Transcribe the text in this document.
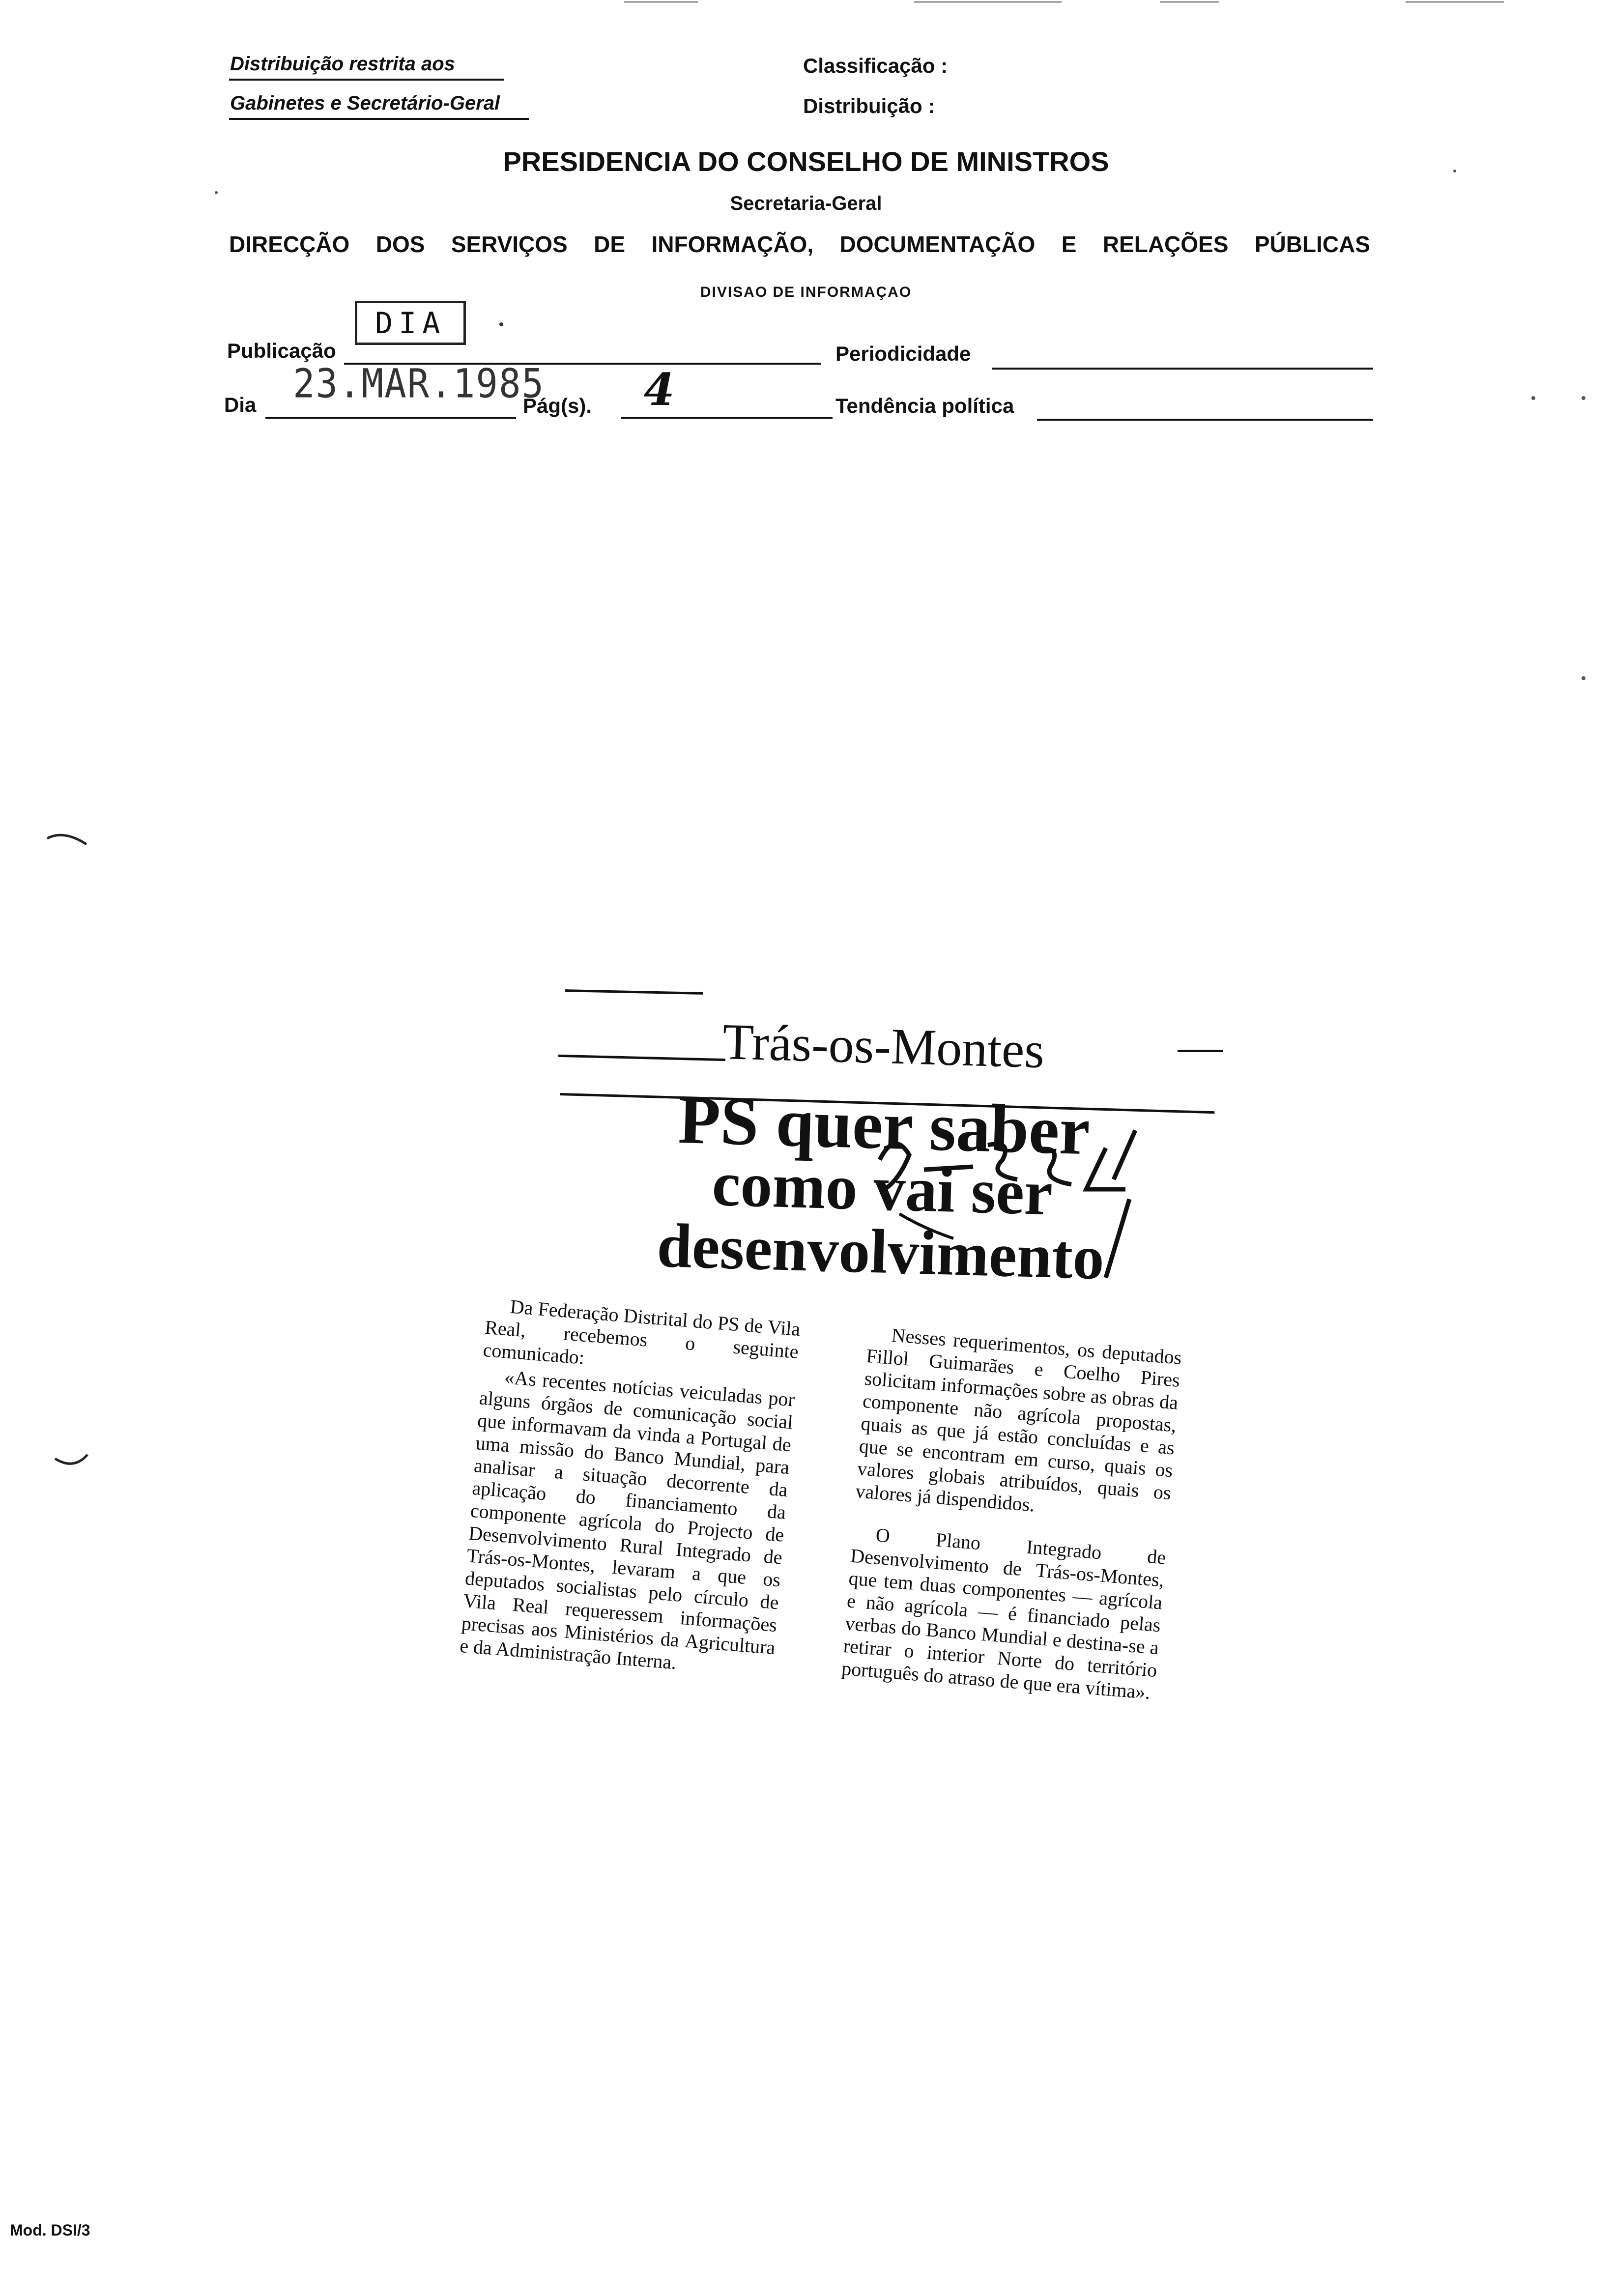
Distribuição restrita aos
Gabinetes e Secretário-Geral
Classificação :
Distribuição :
PRESIDENCIA DO CONSELHO DE MINISTROS
Secretaria-Geral
DIRECÇÃO DOS SERVIÇOS DE INFORMAÇÃO, DOCUMENTAÇÃO E RELAÇÕES PÚBLICAS
DIVISAO DE INFORMAÇAO
Publicação
DIA
Periodicidade
Dia 23.MAR.1985
Pág(s). 4	Tendência política
Trás-os-Montes
PS quer saber
como vai ser
desenvolvimento

Da Federação Distrital do PS de Vila Real, recebemos o seguinte comunicado:

«As recentes notícias veiculadas por alguns órgãos de comunicação social que informavam da vinda a Portugal de uma missão do Banco Mundial, para analisar a situação decorrente da aplicação do financiamento da componente agrícola do Projecto de Desenvolvimento Rural Integrado de Trás-os-Montes, levaram a que os deputados socialistas pelo círculo de Vila Real requeressem informações precisas aos Ministérios da Agricultura e da Administração Interna.

Nesses requerimentos, os deputados Fillol Guimarães e Coelho Pires solicitam informações sobre as obras da componente não agrícola propostas, quais as que já estão concluídas e as que se encontram em curso, quais os valores globais atribuídos, quais os valores já dispendidos.

O Plano Integrado de Desenvolvimento de Trás-os-Montes, que tem duas componentes — agrícola e não agrícola — é financiado pelas verbas do Banco Mundial e destina-se a retirar o interior Norte do território português do atraso de que era vítima».

Mod. DSI/3
